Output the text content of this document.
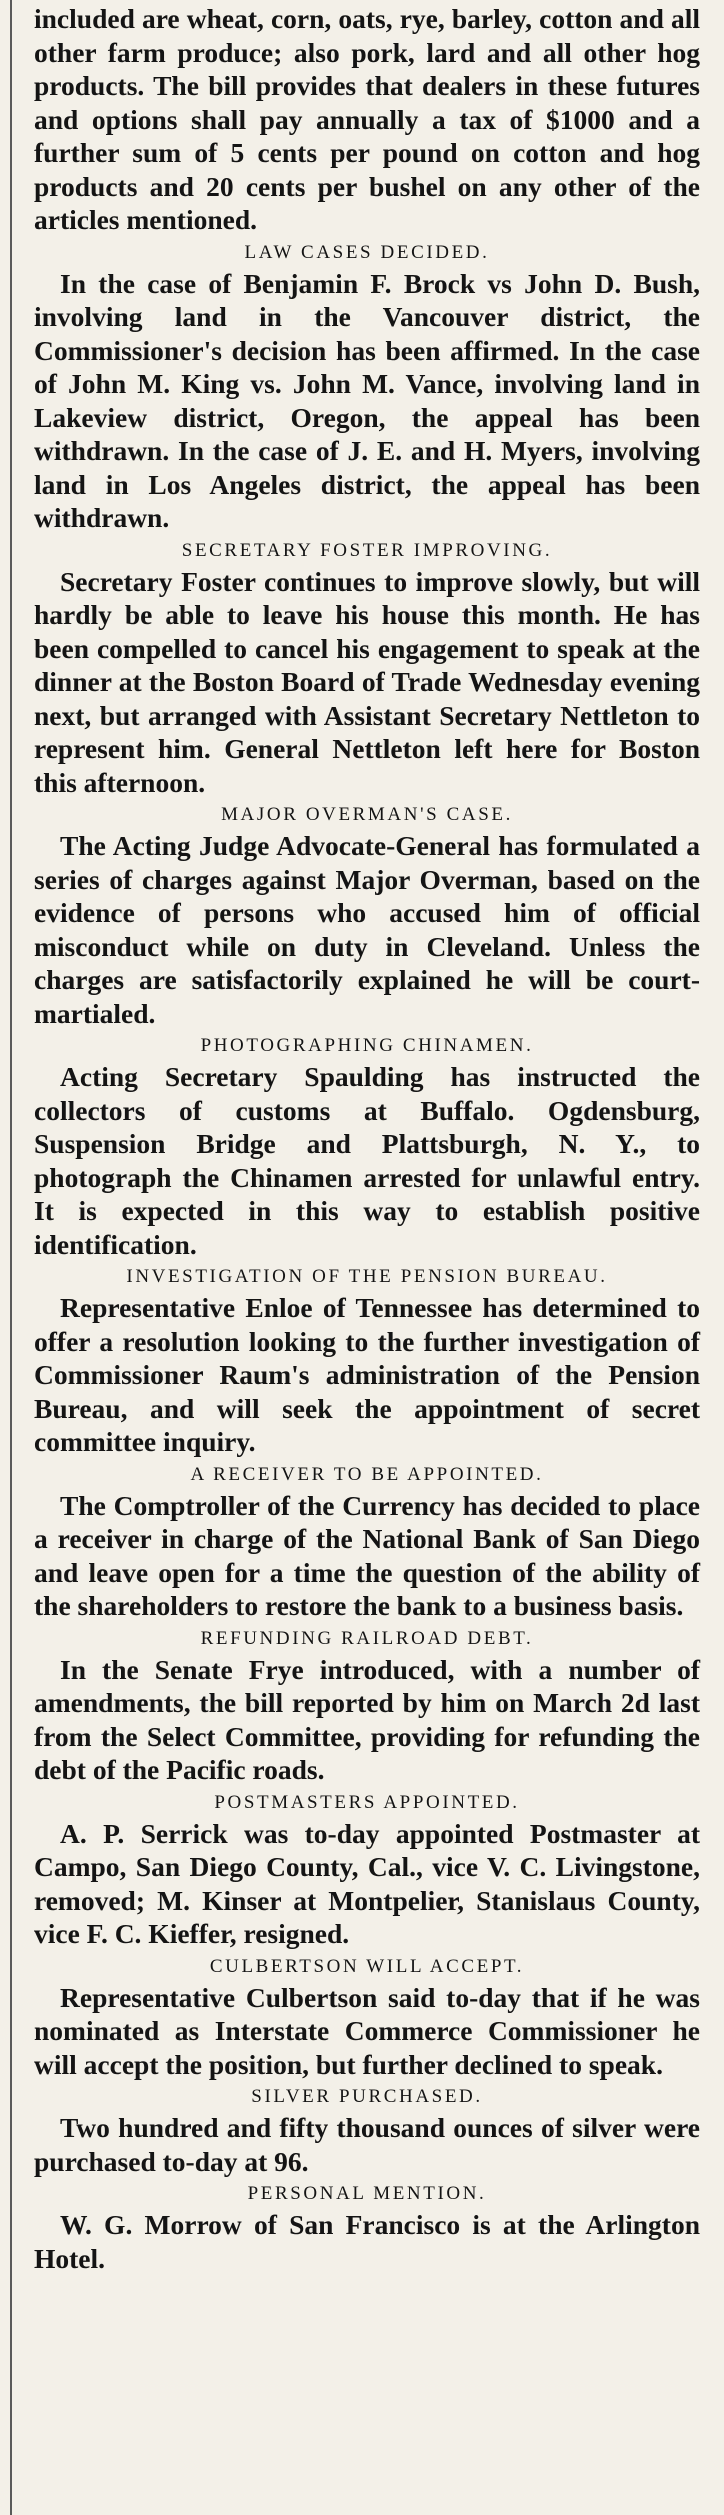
included are wheat, corn, oats, rye, barley, cotton and all other farm produce; also pork, lard and all other hog products. The bill provides that dealers in these futures and options shall pay annually a tax of $1000 and a further sum of 5 cents per pound on cotton and hog products and 20 cents per bushel on any other of the articles mentioned.

LAW CASES DECIDED.

In the case of Benjamin F. Brock vs John D. Bush, involving land in the Vancouver district, the Commissioner's decision has been affirmed. In the case of John M. King vs. John M. Vance, involving land in Lakeview district, Oregon, the appeal has been withdrawn. In the case of J. E. and H. Myers, involving land in Los Angeles district, the appeal has been withdrawn.

SECRETARY FOSTER IMPROVING.

Secretary Foster continues to improve slowly, but will hardly be able to leave his house this month. He has been compelled to cancel his engagement to speak at the dinner at the Boston Board of Trade Wednesday evening next, but arranged with Assistant Secretary Nettleton to represent him. General Nettleton left here for Boston this afternoon.

MAJOR OVERMAN'S CASE.

The Acting Judge Advocate-General has formulated a series of charges against Major Overman, based on the evidence of persons who accused him of official misconduct while on duty in Cleveland. Unless the charges are satisfactorily explained he will be court-martialed.

PHOTOGRAPHING CHINAMEN.

Acting Secretary Spaulding has instructed the collectors of customs at Buffalo. Ogdensburg, Suspension Bridge and Plattsburgh, N. Y., to photograph the Chinamen arrested for unlawful entry. It is expected in this way to establish positive identification.

INVESTIGATION OF THE PENSION BUREAU.

Representative Enloe of Tennessee has determined to offer a resolution looking to the further investigation of Commissioner Raum's administration of the Pension Bureau, and will seek the appointment of secret committee inquiry.

A RECEIVER TO BE APPOINTED.

The Comptroller of the Currency has decided to place a receiver in charge of the National Bank of San Diego and leave open for a time the question of the ability of the shareholders to restore the bank to a business basis.

REFUNDING RAILROAD DEBT.

In the Senate Frye introduced, with a number of amendments, the bill reported by him on March 2d last from the Select Committee, providing for refunding the debt of the Pacific roads.

POSTMASTERS APPOINTED.

A. P. Serrick was to-day appointed Postmaster at Campo, San Diego County, Cal., vice V. C. Livingstone, removed; M. Kinser at Montpelier, Stanislaus County, vice F. C. Kieffer, resigned.

CULBERTSON WILL ACCEPT.

Representative Culbertson said to-day that if he was nominated as Interstate Commerce Commissioner he will accept the position, but further declined to speak.

SILVER PURCHASED.

Two hundred and fifty thousand ounces of silver were purchased to-day at 96.

PERSONAL MENTION.

W. G. Morrow of San Francisco is at the Arlington Hotel.
